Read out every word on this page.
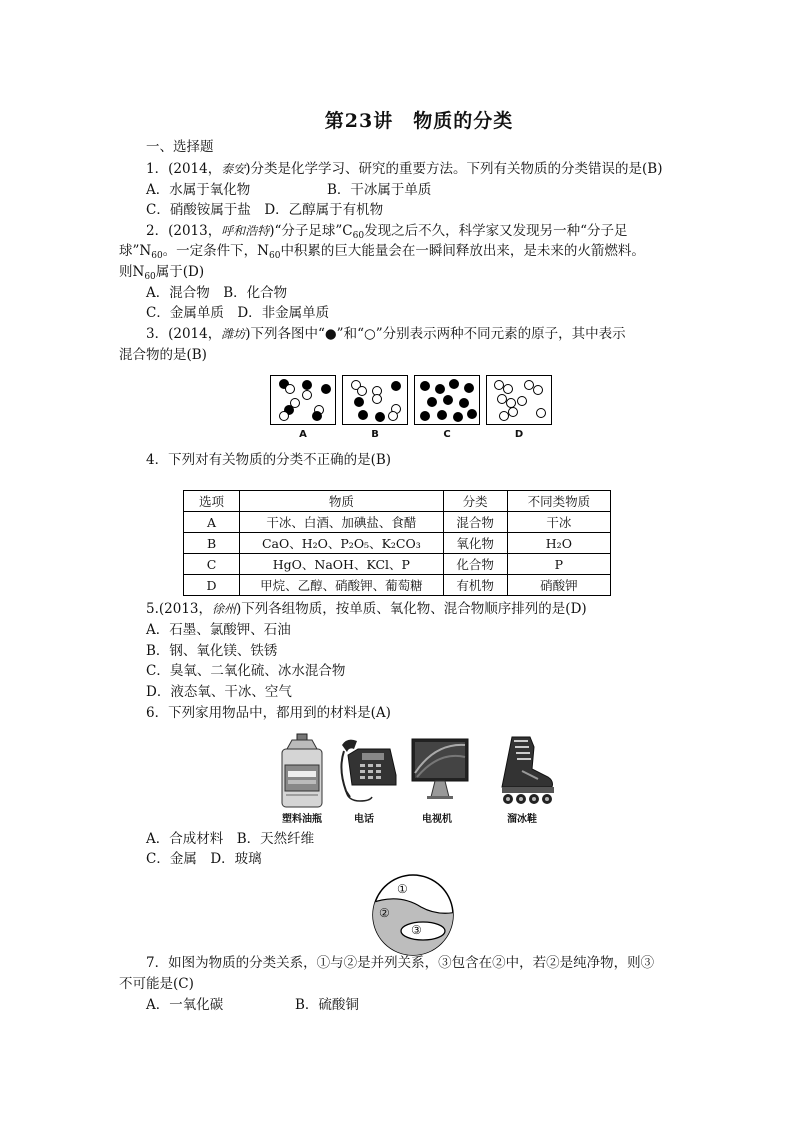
第23讲　物质的分类
一、选择题
1．(2014，泰安)分类是化学学习、研究的重要方法。下列有关物质的分类错误的是(B)
A．水属于氧化物	B．干冰属于单质
C．硝酸铵属于盐　D．乙醇属于有机物
2．(2013，呼和浩特)“分子足球$”C_{60}$发现之后不久，科学家又发现另一种“分子足
球$”N_{60}$。一定条件下，$N_{60}$中积累的巨大能量会在一瞬间释放出来，是未来的火箭燃料。
则$N_{60}$属于(D)
A．混合物　B．化合物
C．金属单质　D．非金属单质
3．(2014，潍坊)下列各图中“●”和“○”分别表示两种不同元素的原子，其中表示
混合物的是(B)
A	B	C	D
4．下列对有关物质的分类不正确的是(B)
选项	物质	分类	不同类物质
A	干冰、白酒、加碘盐、食醋	混合物	干冰
B	CaO、H₂O、P₂O₅、K₂CO₃	氧化物	H₂O
C	HgO、NaOH、KCl、P	化合物	P
D	甲烷、乙醇、硝酸钾、葡萄糖	有机物	硝酸钾
5.(2013，徐州)下列各组物质，按单质、氧化物、混合物顺序排列的是(D)
A．石墨、氯酸钾、石油
B．钢、氧化镁、铁锈
C．臭氧、二氧化硫、冰水混合物
D．液态氧、干冰、空气
6．下列家用物品中，都用到的材料是(A)
塑料油瓶	电话	电视机	溜冰鞋
A．合成材料　B．天然纤维
C．金属　D．玻璃
①
②
③
7．如图为物质的分类关系，①与②是并列关系，③包含在②中，若②是纯净物，则③
不可能是(C)
A．一氧化碳	B．硫酸铜
